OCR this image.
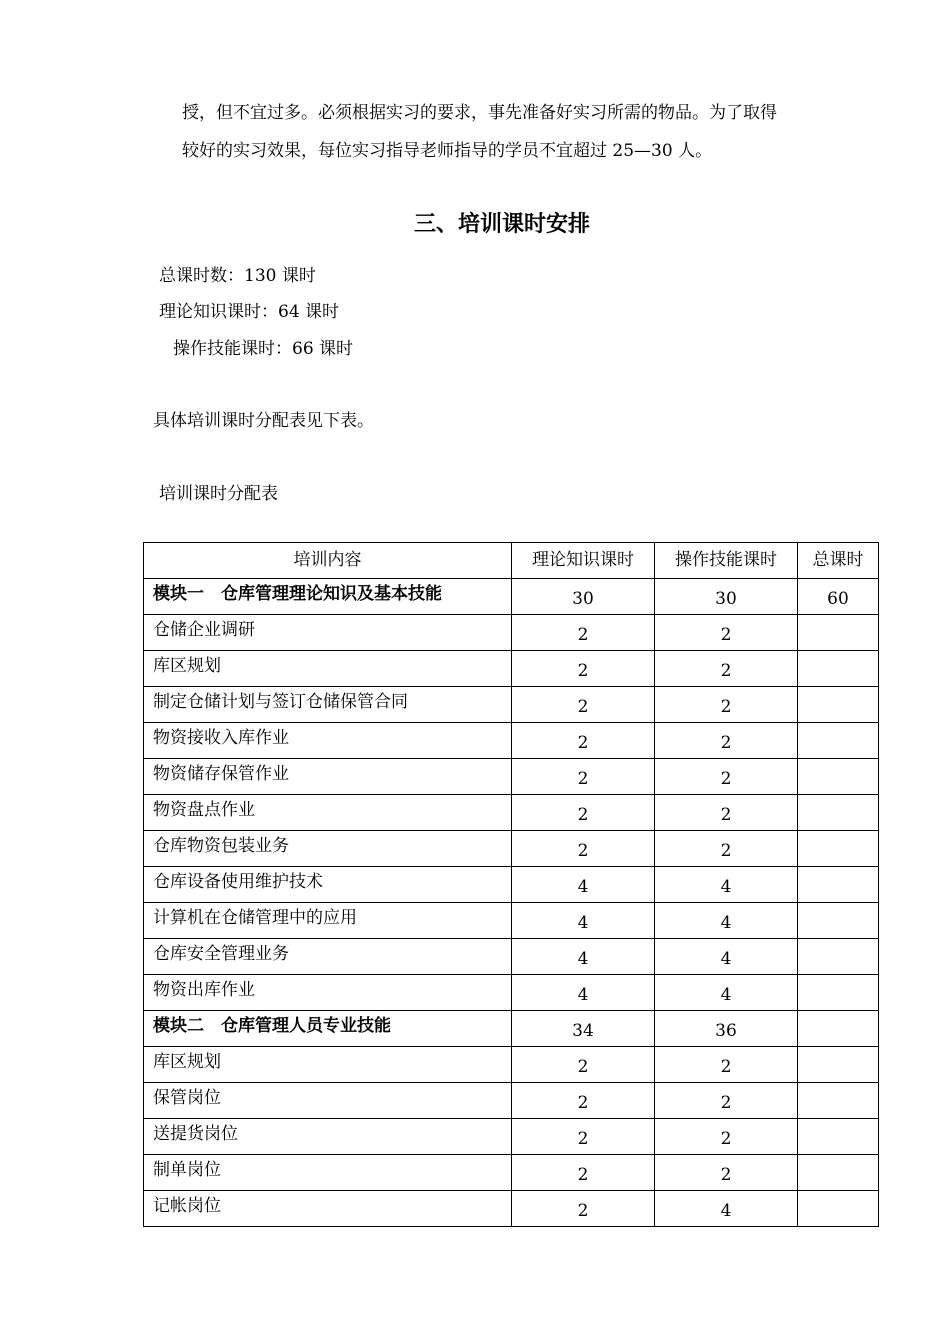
授，但不宜过多。必须根据实习的要求，事先准备好实习所需的物品。为了取得

较好的实习效果，每位实习指导老师指导的学员不宜超过 25—30 人。

三、培训课时安排

总课时数：130 课时

理论知识课时：64 课时

操作技能课时：66 课时

具体培训课时分配表见下表。

培训课时分配表

培训内容	理论知识课时	操作技能课时	总课时
模块一　仓库管理理论知识及基本技能	30	30	60
仓储企业调研	2	2	
库区规划	2	2	
制定仓储计划与签订仓储保管合同	2	2	
物资接收入库作业	2	2	
物资储存保管作业	2	2	
物资盘点作业	2	2	
仓库物资包装业务	2	2	
仓库设备使用维护技术	4	4	
计算机在仓储管理中的应用	4	4	
仓库安全管理业务	4	4	
物资出库作业	4	4	
模块二　仓库管理人员专业技能	34	36	
库区规划	2	2	
保管岗位	2	2	
送提货岗位	2	2	
制单岗位	2	2	
记帐岗位	2	4	
